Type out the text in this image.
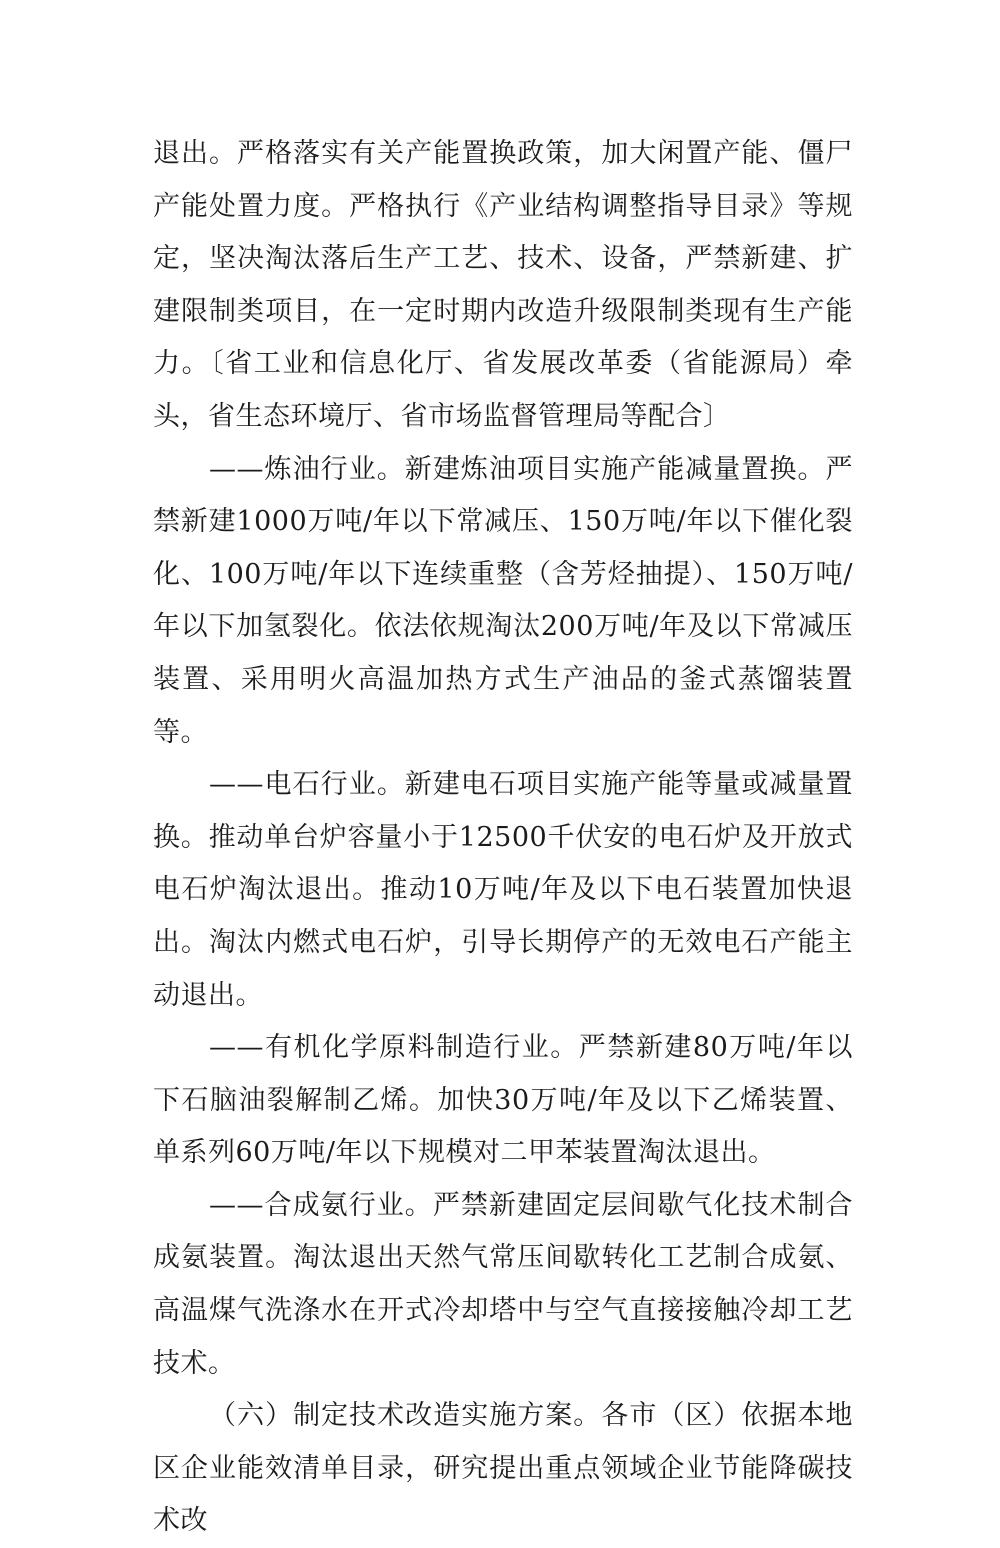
退出。严格落实有关产能置换政策，加大闲置产能、僵尸产能处置力度。严格执行《产业结构调整指导目录》等规定，坚决淘汰落后生产工艺、技术、设备，严禁新建、扩建限制类项目，在一定时期内改造升级限制类现有生产能力。〔省工业和信息化厅、省发展改革委（省能源局）牵头，省生态环境厅、省市场监督管理局等配合〕

——炼油行业。新建炼油项目实施产能减量置换。严禁新建1000万吨/年以下常减压、150万吨/年以下催化裂化、100万吨/年以下连续重整（含芳烃抽提）、150万吨/年以下加氢裂化。依法依规淘汰200万吨/年及以下常减压装置、采用明火高温加热方式生产油品的釜式蒸馏装置等。

——电石行业。新建电石项目实施产能等量或减量置换。推动单台炉容量小于12500千伏安的电石炉及开放式电石炉淘汰退出。推动10万吨/年及以下电石装置加快退出。淘汰内燃式电石炉，引导长期停产的无效电石产能主动退出。

——有机化学原料制造行业。严禁新建80万吨/年以下石脑油裂解制乙烯。加快30万吨/年及以下乙烯装置、单系列60万吨/年以下规模对二甲苯装置淘汰退出。

——合成氨行业。严禁新建固定层间歇气化技术制合成氨装置。淘汰退出天然气常压间歇转化工艺制合成氨、高温煤气洗涤水在开式冷却塔中与空气直接接触冷却工艺技术。

（六）制定技术改造实施方案。各市（区）依据本地区企业能效清单目录，研究提出重点领域企业节能降碳技术改
